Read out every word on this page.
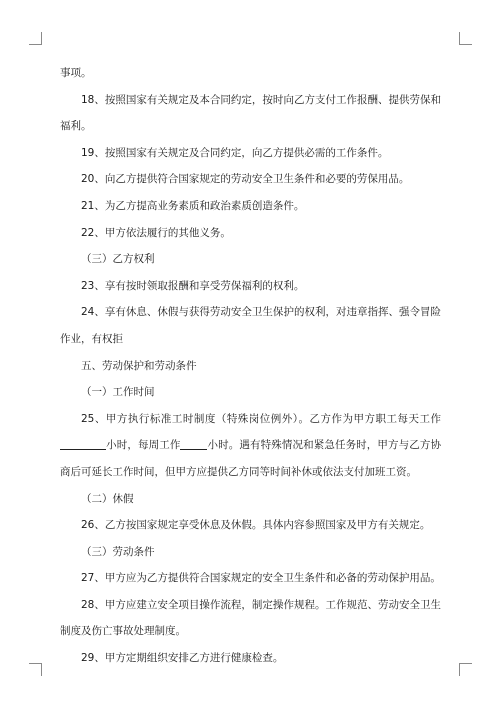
事项。

18、按照国家有关规定及本合同约定，按时向乙方支付工作报酬、提供劳保和福利。

19、按照国家有关规定及合同约定，向乙方提供必需的工作条件。

20、向乙方提供符合国家规定的劳动安全卫生条件和必要的劳保用品。

21、为乙方提高业务素质和政治素质创造条件。

22、甲方依法履行的其他义务。

（三）乙方权利

23、享有按时领取报酬和享受劳保福利的权利。

24、享有休息、休假与获得劳动安全卫生保护的权利，对违章指挥、强令冒险作业，有权拒

五、劳动保护和劳动条件

（一）工作时间

25、甲方执行标准工时制度（特殊岗位例外）。乙方作为甲方职工每天工作小时，每周工作	小时。遇有特殊情况和紧急任务时，甲方与乙方协商后可延长工作时间，但甲方应提供乙方同等时间补休或依法支付加班工资。

（二）休假

26、乙方按国家规定享受休息及休假。具体内容参照国家及甲方有关规定。

（三）劳动条件

27、甲方应为乙方提供符合国家规定的安全卫生条件和必备的劳动保护用品。

28、甲方应建立安全项目操作流程，制定操作规程。工作规范、劳动安全卫生制度及伤亡事故处理制度。

29、甲方定期组织安排乙方进行健康检查。
